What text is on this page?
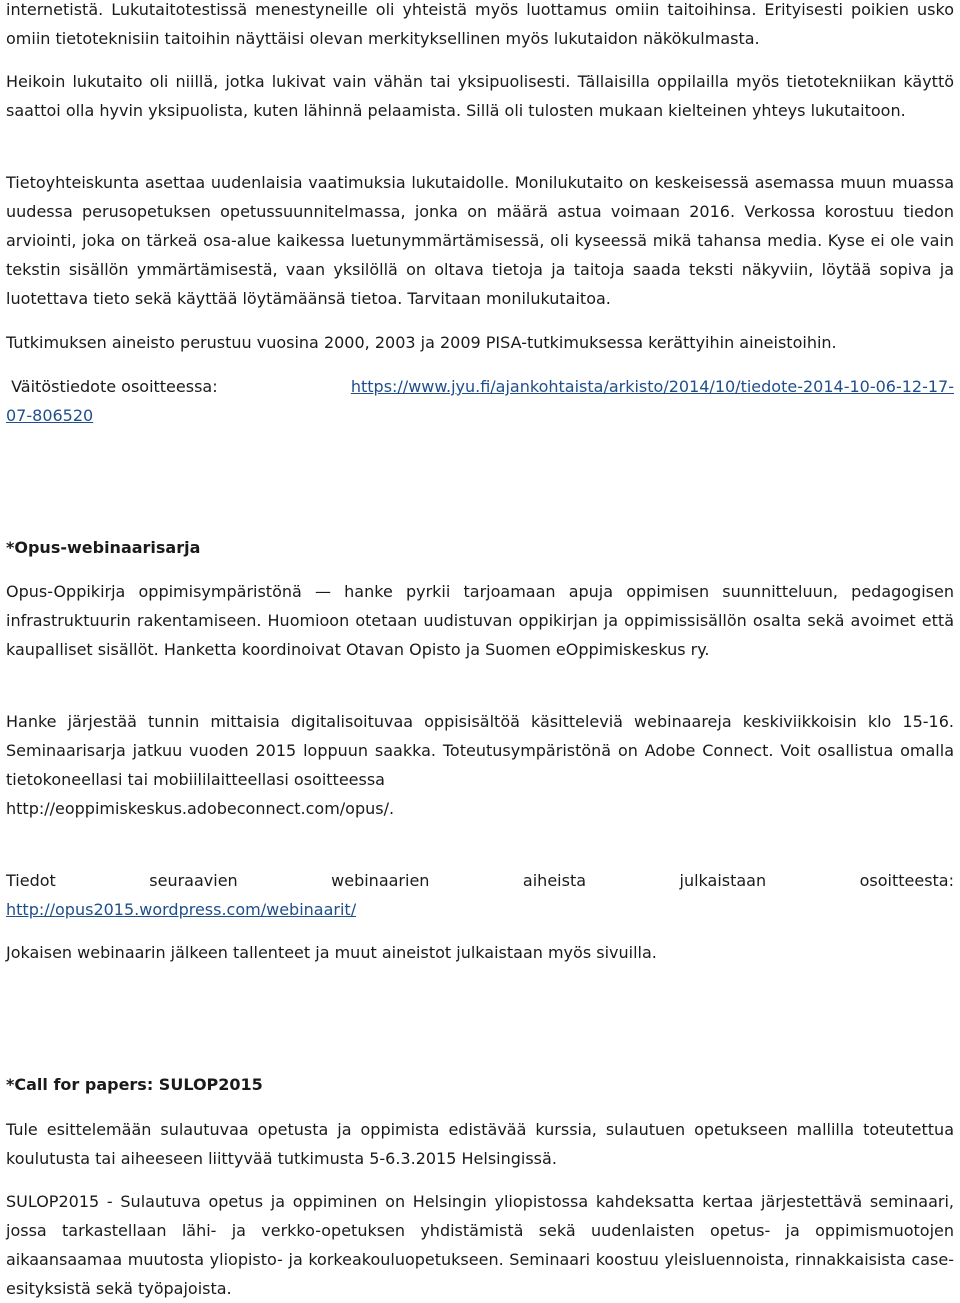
internetistä. Lukutaitotestissä menestyneille oli yhteistä myös luottamus omiin taitoihinsa. Erityisesti poikien usko omiin tietoteknisiin taitoihin näyttäisi olevan merkityksellinen myös lukutaidon näkökulmasta.

Heikoin lukutaito oli niillä, jotka lukivat vain vähän tai yksipuolisesti. Tällaisilla oppilailla myös tietotekniikan käyttö saattoi olla hyvin yksipuolista, kuten lähinnä pelaamista. Sillä oli tulosten mukaan kielteinen yhteys lukutaitoon.

Tietoyhteiskunta asettaa uudenlaisia vaatimuksia lukutaidolle. Monilukutaito on keskeisessä asemassa muun muassa uudessa perusopetuksen opetussuunnitelmassa, jonka on määrä astua voimaan 2016. Verkossa korostuu tiedon arviointi, joka on tärkeä osa-alue kaikessa luetunymmärtämisessä, oli kyseessä mikä tahansa media. Kyse ei ole vain tekstin sisällön ymmärtämisestä, vaan yksilöllä on oltava tietoja ja taitoja saada teksti näkyviin, löytää sopiva ja luotettava tieto sekä käyttää löytämäänsä tietoa. Tarvitaan monilukutaitoa.

Tutkimuksen aineisto perustuu vuosina 2000, 2003 ja 2009 PISA-tutkimuksessa kerättyihin aineistoihin.

Väitöstiedote osoitteessa:	https://www.jyu.fi/ajankohtaista/arkisto/2014/10/tiedote-2014-10-06-12-17-
07-806520

*Opus-webinaarisarja

Opus-Oppikirja oppimisympäristönä — hanke pyrkii tarjoamaan apuja oppimisen suunnitteluun, pedagogisen infrastruktuurin rakentamiseen. Huomioon otetaan uudistuvan oppikirjan ja oppimissisällön osalta sekä avoimet että kaupalliset sisällöt. Hanketta koordinoivat Otavan Opisto ja Suomen eOppimiskeskus ry.

Hanke järjestää tunnin mittaisia digitalisoituvaa oppisisältöä käsitteleviä webinaareja keskiviikkoisin klo 15-16. Seminaarisarja jatkuu vuoden 2015 loppuun saakka. Toteutusympäristönä on Adobe Connect. Voit osallistua omalla tietokoneellasi tai mobiililaitteellasi osoitteessa

http://eoppimiskeskus.adobeconnect.com/opus/.

Tiedot seuraavien webinaarien aiheista julkaistaan osoitteesta:

http://opus2015.wordpress.com/webinaarit/

Jokaisen webinaarin jälkeen tallenteet ja muut aineistot julkaistaan myös sivuilla.

*Call for papers: SULOP2015

Tule esittelemään sulautuvaa opetusta ja oppimista edistävää kurssia, sulautuen opetukseen mallilla toteutettua koulutusta tai aiheeseen liittyvää tutkimusta 5-6.3.2015 Helsingissä.

SULOP2015 - Sulautuva opetus ja oppiminen on Helsingin yliopistossa kahdeksatta kertaa järjestettävä seminaari, jossa tarkastellaan lähi- ja verkko-opetuksen yhdistämistä sekä uudenlaisten opetus- ja oppimismuotojen aikaansaamaa muutosta yliopisto- ja korkeakouluopetukseen. Seminaari koostuu yleisluennoista, rinnakkaisista case-esityksistä sekä työpajoista.
